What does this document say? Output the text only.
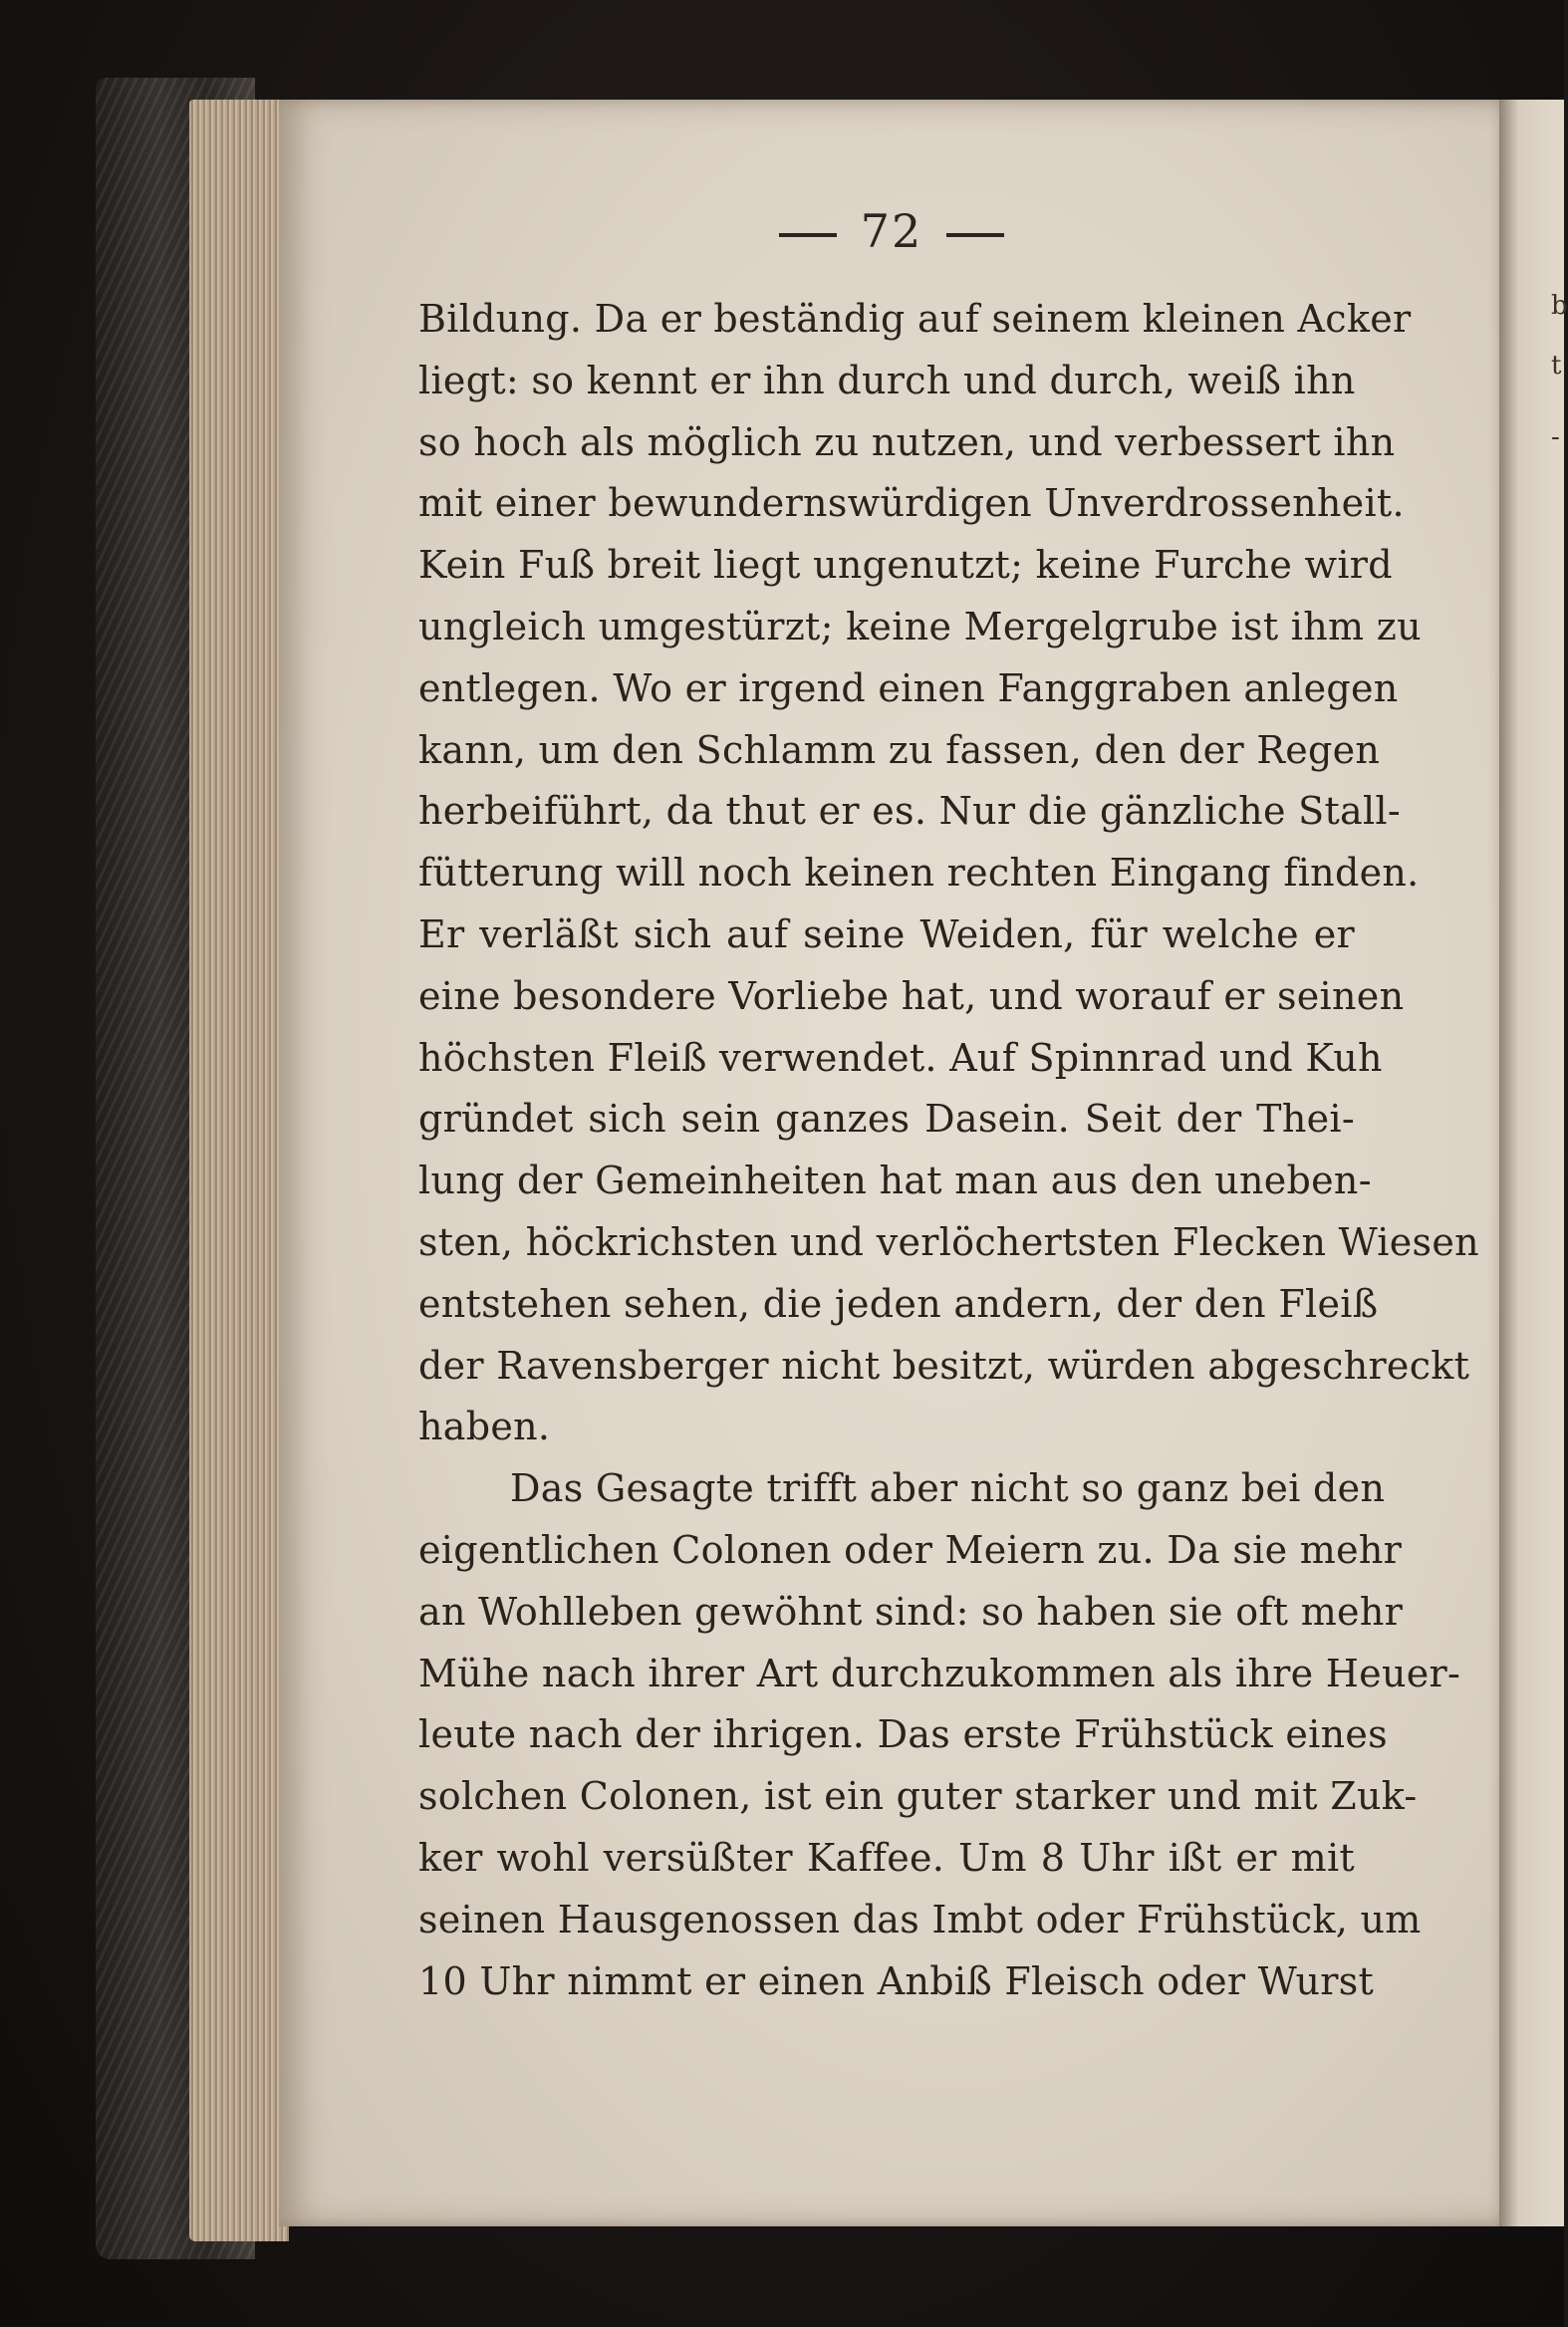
b
t
-
72
Bildung. Da er beständig auf seinem kleinen Acker
liegt: so kennt er ihn durch und durch, weiß ihn
so hoch als möglich zu nutzen, und verbessert ihn
mit einer bewundernswürdigen Unverdrossenheit.
Kein Fuß breit liegt ungenutzt; keine Furche wird
ungleich umgestürzt; keine Mergelgrube ist ihm zu
entlegen. Wo er irgend einen Fanggraben anlegen
kann, um den Schlamm zu fassen, den der Regen
herbeiführt, da thut er es. Nur die gänzliche Stall-
fütterung will noch keinen rechten Eingang finden.
Er verläßt sich auf seine Weiden, für welche er
eine besondere Vorliebe hat, und worauf er seinen
höchsten Fleiß verwendet. Auf Spinnrad und Kuh
gründet sich sein ganzes Dasein. Seit der Thei-
lung der Gemeinheiten hat man aus den uneben-
sten, höckrichsten und verlöchertsten Flecken Wiesen
entstehen sehen, die jeden andern, der den Fleiß
der Ravensberger nicht besitzt, würden abgeschreckt
haben.
Das Gesagte trifft aber nicht so ganz bei den
eigentlichen Colonen oder Meiern zu. Da sie mehr
an Wohlleben gewöhnt sind: so haben sie oft mehr
Mühe nach ihrer Art durchzukommen als ihre Heuer-
leute nach der ihrigen. Das erste Frühstück eines
solchen Colonen, ist ein guter starker und mit Zuk-
ker wohl versüßter Kaffee. Um 8 Uhr ißt er mit
seinen Hausgenossen das Imbt oder Frühstück, um
10 Uhr nimmt er einen Anbiß Fleisch oder Wurst
